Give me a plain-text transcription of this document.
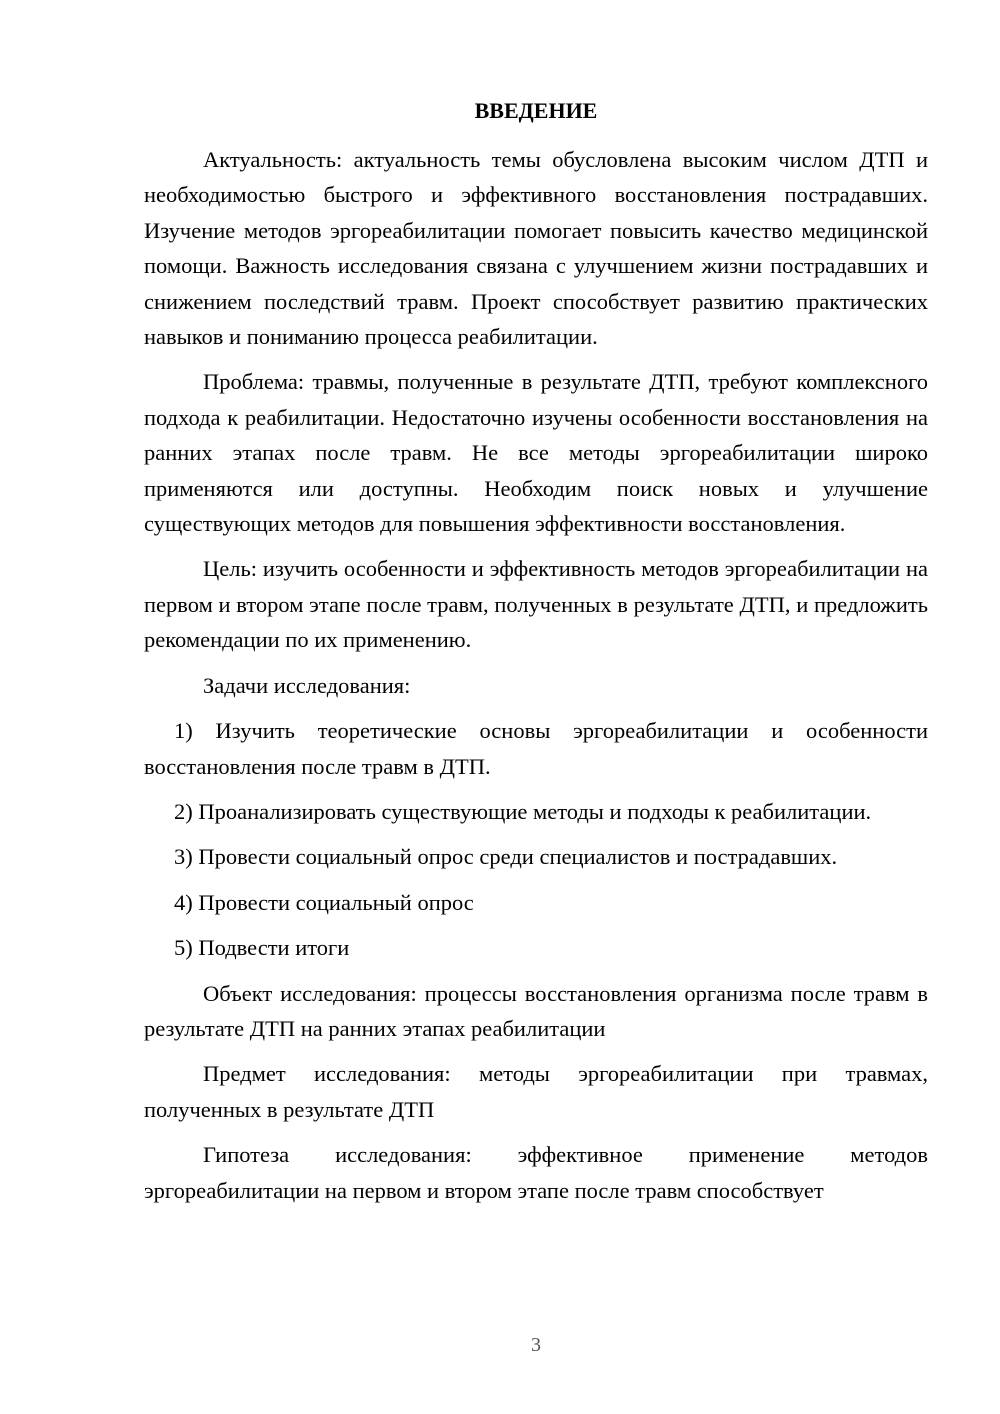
ВВЕДЕНИЕ

Актуальность: актуальность темы обусловлена высоким числом ДТП и необходимостью быстрого и эффективного восстановления пострадавших. Изучение методов эргореабилитации помогает повысить качество медицинской помощи. Важность исследования связана с улучшением жизни пострадавших и снижением последствий травм. Проект способствует развитию практических навыков и пониманию процесса реабилитации.

Проблема: травмы, полученные в результате ДТП, требуют комплексного подхода к реабилитации. Недостаточно изучены особенности восстановления на ранних этапах после травм. Не все методы эргореабилитации широко применяются или доступны. Необходим поиск новых и улучшение существующих методов для повышения эффективности восстановления.

Цель: изучить особенности и эффективность методов эргореабилитации на первом и втором этапе после травм, полученных в результате ДТП, и предложить рекомендации по их применению.

Задачи исследования:

1) Изучить теоретические основы эргореабилитации и особенности восстановления после травм в ДТП.

2) Проанализировать существующие методы и подходы к реабилитации.

3) Провести социальный опрос среди специалистов и пострадавших.

4) Провести социальный опрос

5) Подвести итоги

Объект исследования: процессы восстановления организма после травм в результате ДТП на ранних этапах реабилитации

Предмет исследования: методы эргореабилитации при травмах, полученных в результате ДТП

Гипотеза исследования: эффективное применение методов эргореабилитации на первом и втором этапе после травм способствует

3
